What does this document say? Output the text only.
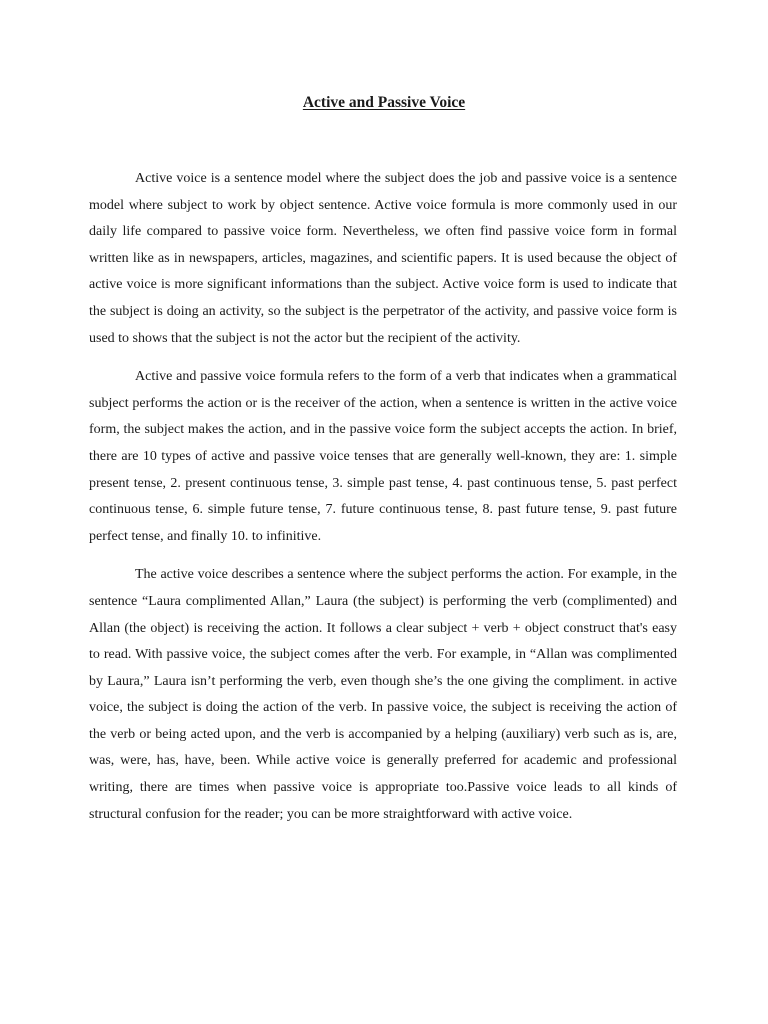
Active and Passive Voice

Active voice is a sentence model where the subject does the job and passive voice is a sentence model where subject to work by object sentence. Active voice formula is more commonly used in our daily life compared to passive voice form. Nevertheless, we often find passive voice form in formal written like as in newspapers, articles, magazines, and scientific papers. It is used because the object of active voice is more significant informations than the subject. Active voice form is used to indicate that the subject is doing an activity, so the subject is the perpetrator of the activity, and passive voice form is used to shows that the subject is not the actor but the recipient of the activity.

Active and passive voice formula refers to the form of a verb that indicates when a grammatical subject performs the action or is the receiver of the action, when a sentence is written in the active voice form, the subject makes the action, and in the passive voice form the subject accepts the action. In brief, there are 10 types of active and passive voice tenses that are generally well-known, they are: 1. simple present tense, 2. present continuous tense, 3. simple past tense, 4. past continuous tense, 5. past perfect continuous tense, 6. simple future tense, 7. future continuous tense, 8. past future tense, 9. past future perfect tense, and finally 10. to infinitive.

The active voice describes a sentence where the subject performs the action. For example, in the sentence “Laura complimented Allan,” Laura (the subject) is performing the verb (complimented) and Allan (the object) is receiving the action. It follows a clear subject + verb + object construct that's easy to read. With passive voice, the subject comes after the verb. For example, in “Allan was complimented by Laura,” Laura isn’t performing the verb, even though she’s the one giving the compliment. in active voice, the subject is doing the action of the verb. In passive voice, the subject is receiving the action of the verb or being acted upon, and the verb is accompanied by a helping (auxiliary) verb such as is, are, was, were, has, have, been. While active voice is generally preferred for academic and professional writing, there are times when passive voice is appropriate too.Passive voice leads to all kinds of structural confusion for the reader; you can be more straightforward with active voice.
